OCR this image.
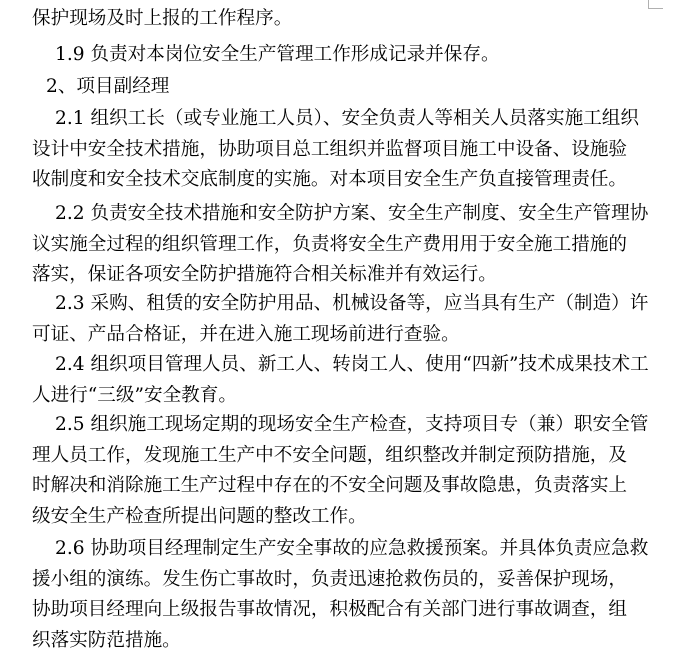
保护现场及时上报的工作程序。
1.9 负责对本岗位安全生产管理工作形成记录并保存。
2、项目副经理

2.1 组织工长（或专业施工人员）、安全负责人等相关人员落实施工组织

设计中安全技术措施，协助项目总工组织并监督项目施工中设备、设施验

收制度和安全技术交底制度的实施。对本项目安全生产负直接管理责任。

2.2 负责安全技术措施和安全防护方案、安全生产制度、安全生产管理协

议实施全过程的组织管理工作，负责将安全生产费用用于安全施工措施的

落实，保证各项安全防护措施符合相关标准并有效运行。

2.3 采购、租赁的安全防护用品、机械设备等，应当具有生产（制造）许

可证、产品合格证，并在进入施工现场前进行查验。

2.4 组织项目管理人员、新工人、转岗工人、使用“四新”技术成果技术工

人进行“三级”安全教育。

2.5 组织施工现场定期的现场安全生产检查，支持项目专（兼）职安全管

理人员工作，发现施工生产中不安全问题，组织整改并制定预防措施，及

时解决和消除施工生产过程中存在的不安全问题及事故隐患，负责落实上

级安全生产检查所提出问题的整改工作。

2.6 协助项目经理制定生产安全事故的应急救援预案。并具体负责应急救

援小组的演练。发生伤亡事故时，负责迅速抢救伤员的，妥善保护现场，

协助项目经理向上级报告事故情况，积极配合有关部门进行事故调查，组

织落实防范措施。
